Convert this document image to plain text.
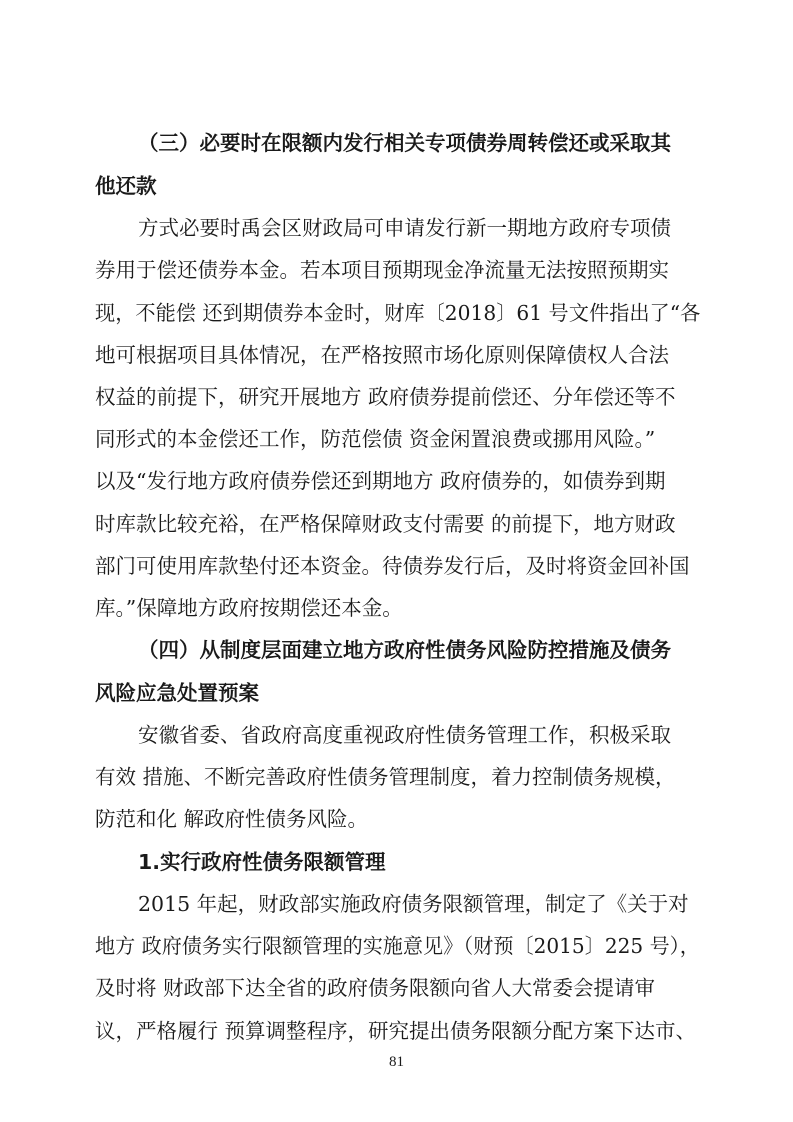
（三）必要时在限额内发行相关专项债券周转偿还或采取其
他还款
方式必要时禹会区财政局可申请发行新一期地方政府专项债
券用于偿还债券本金。若本项目预期现金净流量无法按照预期实
现，不能偿 还到期债券本金时，财库〔2018〕61 号文件指出了“各
地可根据项目具体情况，在严格按照市场化原则保障债权人合法
权益的前提下，研究开展地方 政府债券提前偿还、分年偿还等不
同形式的本金偿还工作，防范偿债 资金闲置浪费或挪用风险。”
以及“发行地方政府债券偿还到期地方 政府债券的，如债券到期
时库款比较充裕，在严格保障财政支付需要 的前提下，地方财政
部门可使用库款垫付还本资金。待债券发行后，及时将资金回补国
库。”保障地方政府按期偿还本金。
（四）从制度层面建立地方政府性债务风险防控措施及债务
风险应急处置预案
安徽省委、省政府高度重视政府性债务管理工作，积极采取
有效 措施、不断完善政府性债务管理制度，着力控制债务规模，
防范和化 解政府性债务风险。
1.实行政府性债务限额管理
2015 年起，财政部实施政府债务限额管理，制定了《关于对
地方 政府债务实行限额管理的实施意见》（财预〔2015〕225 号），
及时将 财政部下达全省的政府债务限额向省人大常委会提请审
议，严格履行 预算调整程序，研究提出债务限额分配方案下达市、
81
